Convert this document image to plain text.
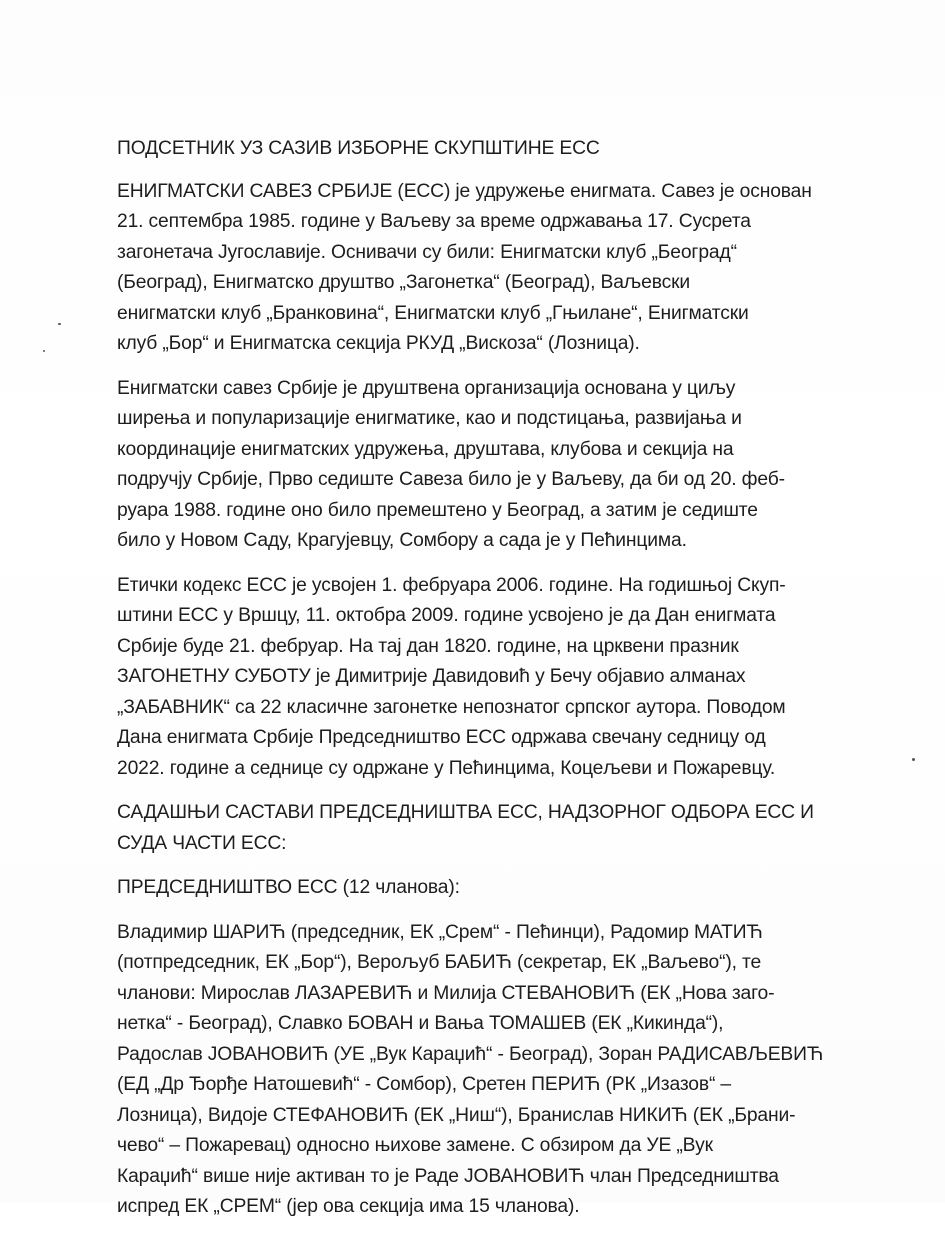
ПОДСЕТНИК УЗ САЗИВ ИЗБОРНЕ СКУПШТИНЕ ЕСС

ЕНИГМАТСКИ САВЕЗ СРБИЈЕ (ЕСС) је удружење енигмата. Савез је основан
21. септембра 1985. године у Ваљеву за време одржавања 17. Сусрета
загонетача Југославије. Оснивачи су били: Енигматски клуб „Београд“
(Београд), Енигматско друштво „Загонетка“ (Београд), Ваљевски
енигматски клуб „Бранковина“, Енигматски клуб „Гњилане“, Енигматски
клуб „Бор“ и Енигматска секција РКУД „Вискоза“ (Лозница).

Енигматски савез Србије је друштвена организација основана у циљу
ширења и популаризације енигматике, као и подстицања, развијања и
координације енигматских удружења, друштава, клубова и секција на
подручју Србије, Прво седиште Савеза било је у Ваљеву, да би од 20. феб-
руара 1988. године оно било премештено у Београд, а затим је седиште
било у Новом Саду, Крагујевцу, Сомбору а сада је у Пећинцима.

Етички кодекс ЕСС је усвојен 1. фебруара 2006. године. На годишњој Скуп-
штини ЕСС у Вршцу, 11. октобра 2009. године усвојено је да Дан енигмата
Србије буде 21. фебруар. На тај дан 1820. године, на црквени празник
ЗАГОНЕТНУ СУБОТУ је Димитрије Давидовић у Бечу објавио алманах
„ЗАБАВНИК“ са 22 класичне загонетке непознатог српског аутора. Поводом
Дана енигмата Србије Председништво ЕСС одржава свечану седницу од
2022. године а седнице су одржане у Пећинцима, Коцељеви и Пожаревцу.

САДАШЊИ САСТАВИ ПРЕДСЕДНИШТВА ЕСС, НАДЗОРНОГ ОДБОРА ЕСС И
СУДА ЧАСТИ ЕСС:

ПРЕДСЕДНИШТВО ЕСС (12 чланова):

Владимир ШАРИЋ (председник, ЕК „Срем“ - Пећинци), Радомир МАТИЋ
(потпредседник, ЕК „Бор“), Верољуб БАБИЋ (секретар, ЕК „Ваљево“), те
чланови: Мирослав ЛАЗАРЕВИЋ и Милија СТЕВАНОВИЋ (ЕК „Нова заго-
нетка“ - Београд), Славко БОВАН и Вања ТОМАШЕВ (ЕК „Кикинда“),
Радослав ЈОВАНОВИЋ (УЕ „Вук Караџић“ - Београд), Зоран РАДИСАВЉЕВИЋ
(ЕД „Др Ђорђе Натошевић“ - Сомбор), Сретен ПЕРИЋ (РК „Изазов“ –
Лозница), Видоје СТЕФАНОВИЋ (ЕК „Ниш“), Бранислав НИКИЋ (ЕК „Брани-
чево“ – Пожаревац) односно њихове замене. С обзиром да УЕ „Вук
Караџић“ више није активан то је Раде ЈОВАНОВИЋ члан Председништва
испред ЕК „СРЕМ“ (јер ова секција има 15 чланова).
